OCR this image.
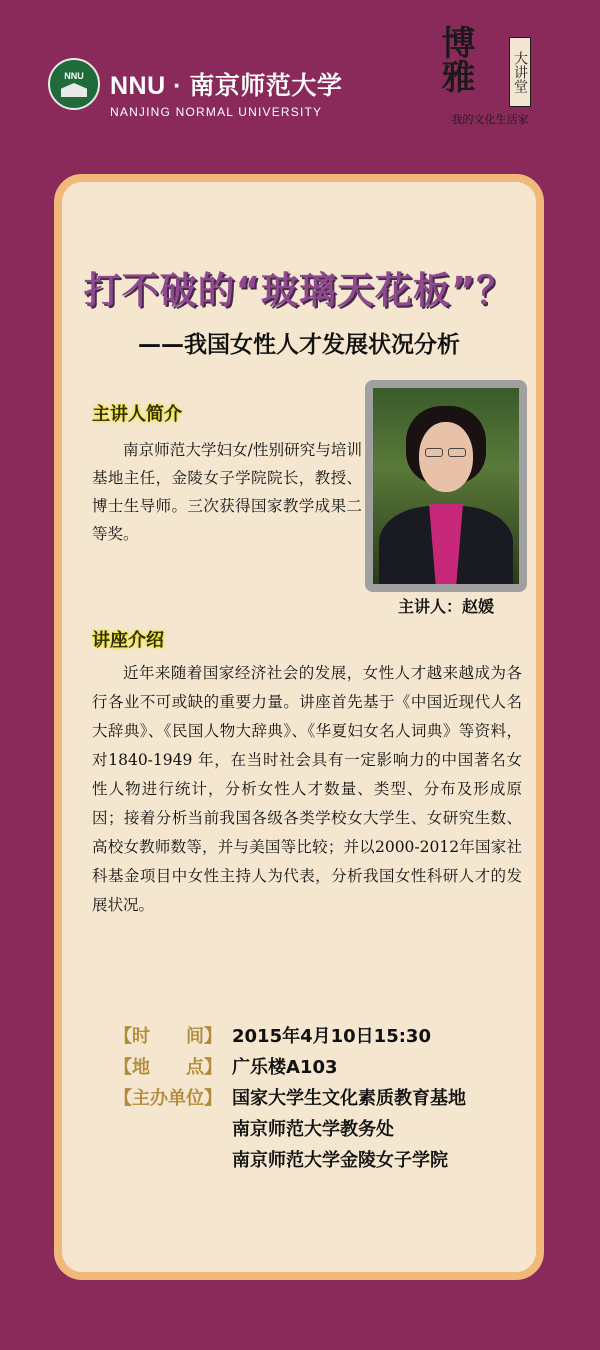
NNU NNU · 南京师范大学
NANJING NORMAL UNIVERSITY
博雅	大讲堂
我的文化生活家
打不破的“玻璃天花板”？
——我国女性人才发展状况分析
主讲人简介
南京师范大学妇女/性别研究与培训基地主任，金陵女子学院院长，教授、博士生导师。三次获得国家教学成果二等奖。
主讲人：赵媛
讲座介绍
近年来随着国家经济社会的发展，女性人才越来越成为各行各业不可或缺的重要力量。讲座首先基于《中国近现代人名大辞典》、《民国人物大辞典》、《华夏妇女名人词典》等资料，对1840-1949 年，在当时社会具有一定影响力的中国著名女性人物进行统计，分析女性人才数量、类型、分布及形成原因；接着分析当前我国各级各类学校女大学生、女研究生数、高校女教师数等，并与美国等比较；并以2000-2012年国家社科基金项目中女性主持人为代表，分析我国女性科研人才的发展状况。
【时　　间】 2015年4月10日15:30
【地　　点】 广乐楼A103
【主办单位】 国家大学生文化素质教育基地
南京师范大学教务处
南京师范大学金陵女子学院
